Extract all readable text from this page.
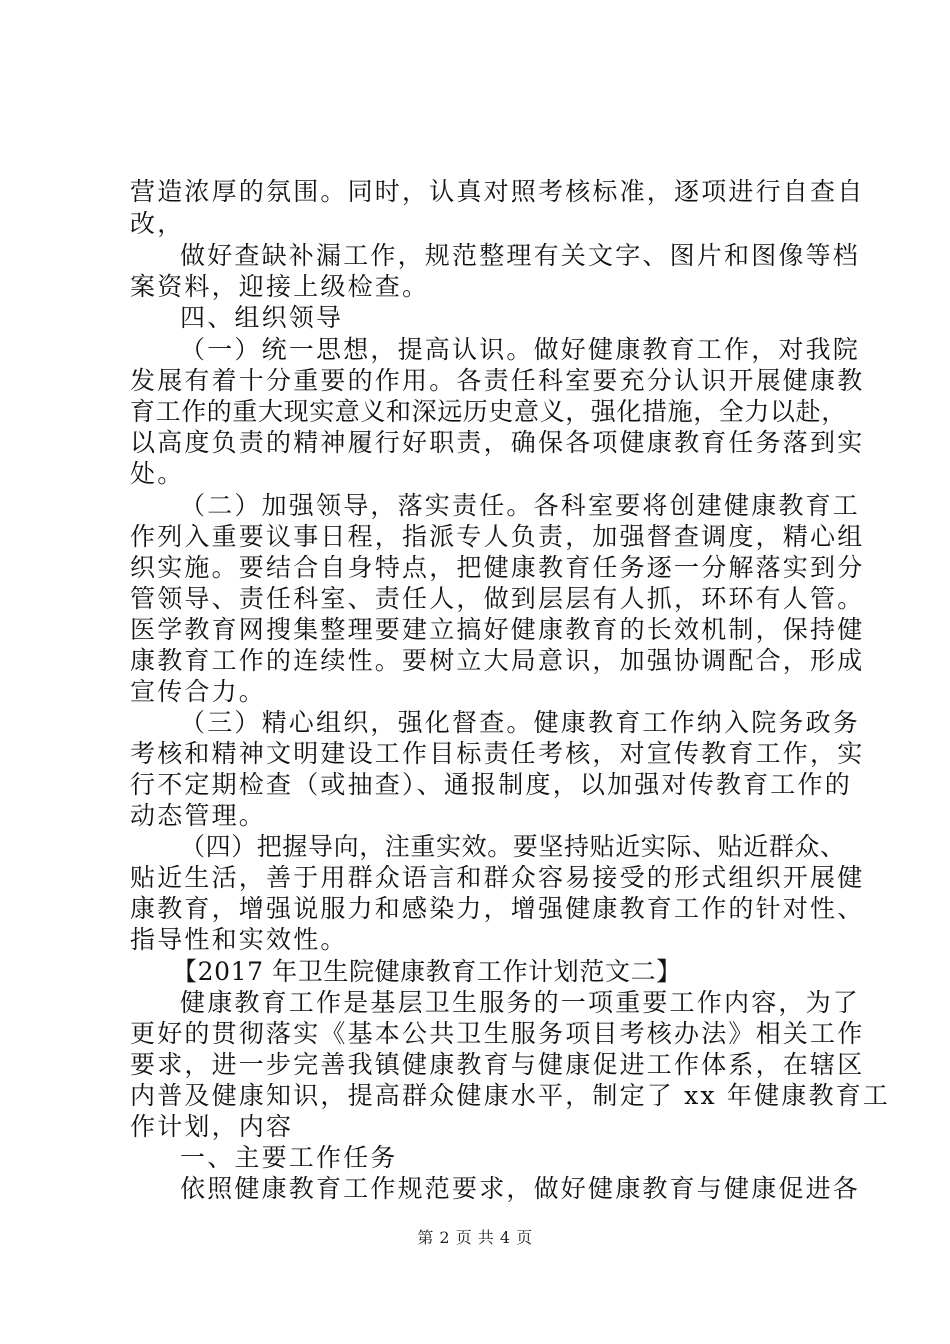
营造浓厚的氛围。同时，认真对照考核标准，逐项进行自查自
改，
做好查缺补漏工作，规范整理有关文字、图片和图像等档
案资料，迎接上级检查。
四、组织领导
（一）统一思想，提高认识。做好健康教育工作，对我院
发展有着十分重要的作用。各责任科室要充分认识开展健康教
育工作的重大现实意义和深远历史意义，强化措施，全力以赴，
以高度负责的精神履行好职责，确保各项健康教育任务落到实
处。
（二）加强领导，落实责任。各科室要将创建健康教育工
作列入重要议事日程，指派专人负责，加强督查调度，精心组
织实施。要结合自身特点，把健康教育任务逐一分解落实到分
管领导、责任科室、责任人，做到层层有人抓，环环有人管。
医学教育网搜集整理要建立搞好健康教育的长效机制，保持健
康教育工作的连续性。要树立大局意识，加强协调配合，形成
宣传合力。
（三）精心组织，强化督查。健康教育工作纳入院务政务
考核和精神文明建设工作目标责任考核，对宣传教育工作，实
行不定期检查（或抽查）、通报制度，以加强对传教育工作的
动态管理。
（四）把握导向，注重实效。要坚持贴近实际、贴近群众、
贴近生活，善于用群众语言和群众容易接受的形式组织开展健
康教育，增强说服力和感染力，增强健康教育工作的针对性、
指导性和实效性。
【2017 年卫生院健康教育工作计划范文二】
健康教育工作是基层卫生服务的一项重要工作内容，为了
更好的贯彻落实《基本公共卫生服务项目考核办法》相关工作
要求，进一步完善我镇健康教育与健康促进工作体系，在辖区
内普及健康知识，提高群众健康水平，制定了 xx 年健康教育工
作计划，内容
一、主要工作任务
依照健康教育工作规范要求，做好健康教育与健康促进各
第 2 页 共 4 页
